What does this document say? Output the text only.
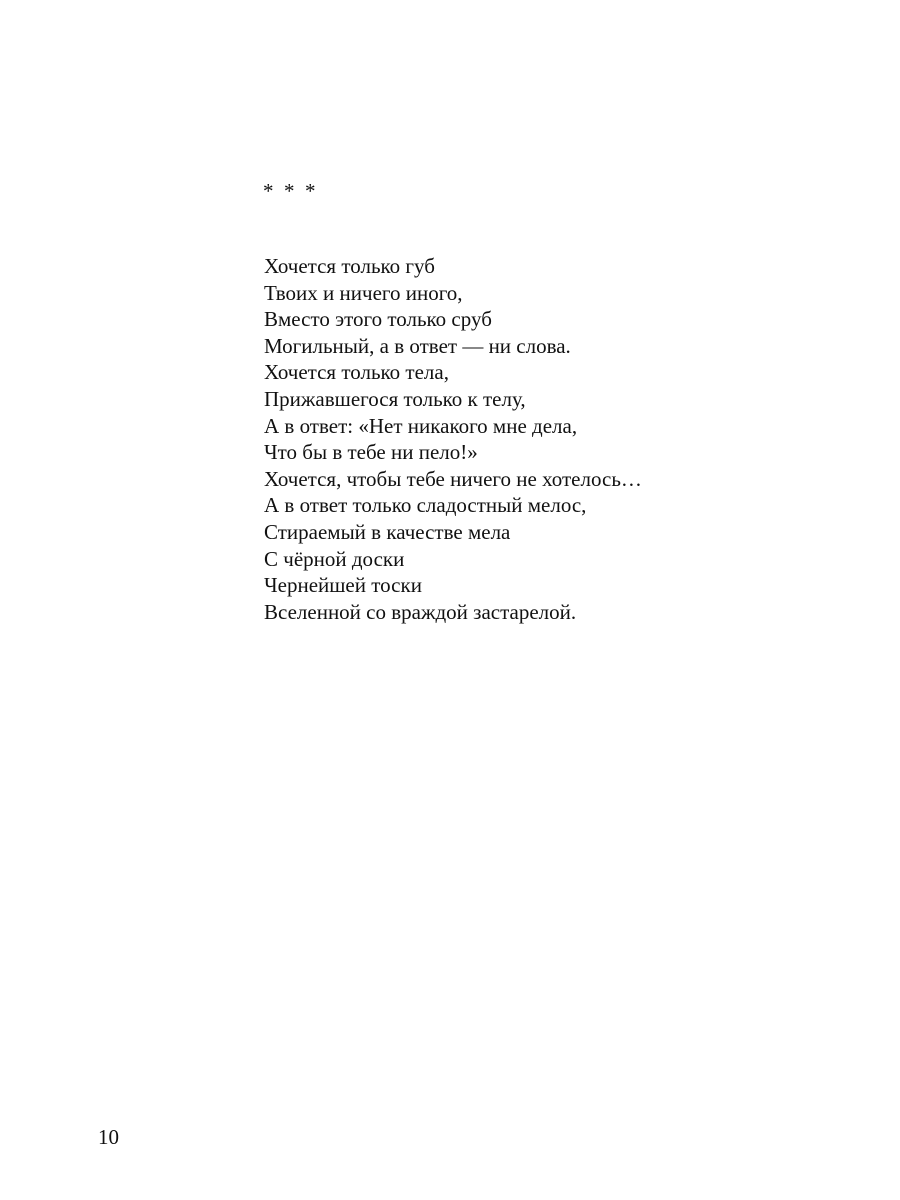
*  *  *
Хочется только губ
Твоих и ничего иного,
Вместо этого только сруб
Могильный, а в ответ — ни слова.
Хочется только тела,
Прижавшегося только к телу,
А в ответ: «Нет никакого мне дела,
Что бы в тебе ни пело!»
Хочется, чтобы тебе ничего не хотелось…
А в ответ только сладостный мелос,
Стираемый в качестве мела
С чёрной доски
Чернейшей тоски
Вселенной со враждой застарелой.
10
